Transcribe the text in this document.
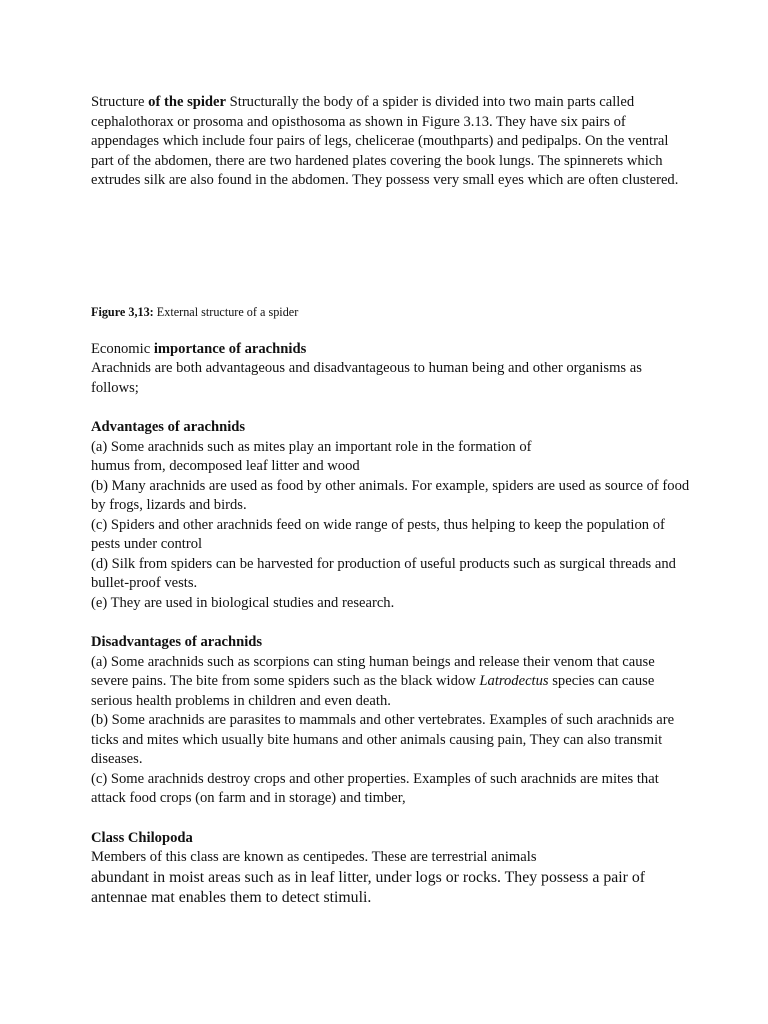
Structure of the spider Structurally the body of a spider is divided into two main parts called cephalothorax or prosoma and opisthosoma as shown in Figure 3.13. They have six pairs of appendages which include four pairs of legs, chelicerae (mouthparts) and pedipalps. On the ventral part of the abdomen, there are two hardened plates covering the book lungs. The spinnerets which extrudes silk are also found in the abdomen. They possess very small eyes which are often clustered.

Figure 3,13: External structure of a spider

Economic importance of arachnids

Arachnids are both advantageous and disadvantageous to human being and other organisms as follows;

Advantages of arachnids

(a) Some arachnids such as mites play an important role in the formation of

humus from, decomposed leaf litter and wood

(b) Many arachnids are used as food by other animals. For example, spiders are used as source of food by frogs, lizards and birds.

(c) Spiders and other arachnids feed on wide range of pests, thus helping to keep the population of pests under control

(d) Silk from spiders can be harvested for production of useful products such as surgical threads and bullet-proof vests.

(e) They are used in biological studies and research.

Disadvantages of arachnids

(a) Some arachnids such as scorpions can sting human beings and release their venom that cause severe pains. The bite from some spiders such as the black widow Latrodectus species can cause serious health problems in children and even death.

(b) Some arachnids are parasites to mammals and other vertebrates. Examples of such arachnids are ticks and mites which usually bite humans and other animals causing pain, They can also transmit diseases.

(c) Some arachnids destroy crops and other properties. Examples of such arachnids are mites that attack food crops (on farm and in storage) and timber,

Class Chilopoda

Members of this class are known as centipedes. These are terrestrial animals

abundant in moist areas such as in leaf litter, under logs or rocks. They possess a pair of antennae mat enables them to detect stimuli.
